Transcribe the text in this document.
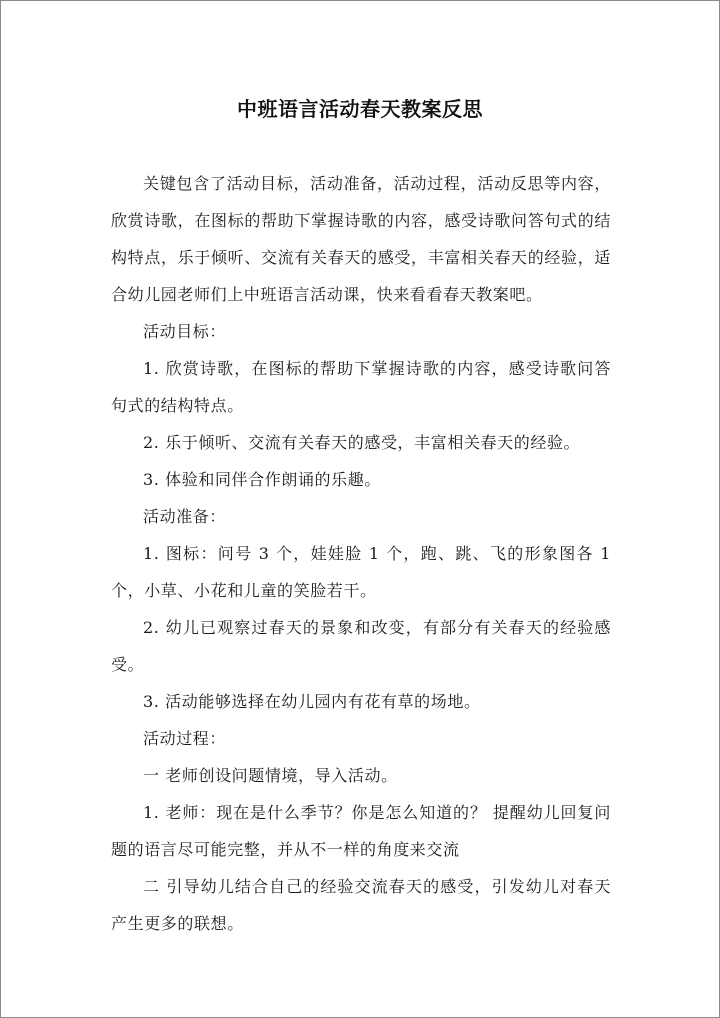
中班语言活动春天教案反思

关键包含了活动目标，活动准备，活动过程，活动反思等内容，欣赏诗歌，在图标的帮助下掌握诗歌的内容，感受诗歌问答句式的结构特点，乐于倾听、交流有关春天的感受，丰富相关春天的经验，适合幼儿园老师们上中班语言活动课，快来看看春天教案吧。

活动目标：

1. 欣赏诗歌，在图标的帮助下掌握诗歌的内容，感受诗歌问答句式的结构特点。

2. 乐于倾听、交流有关春天的感受，丰富相关春天的经验。

3. 体验和同伴合作朗诵的乐趣。

活动准备：

1. 图标：问号 3 个，娃娃脸 1 个，跑、跳、飞的形象图各 1 个，小草、小花和儿童的笑脸若干。

2. 幼儿已观察过春天的景象和改变，有部分有关春天的经验感受。

3. 活动能够选择在幼儿园内有花有草的场地。

活动过程：

一 老师创设问题情境，导入活动。

1. 老师：现在是什么季节？你是怎么知道的？ 提醒幼儿回复问题的语言尽可能完整，并从不一样的角度来交流

二 引导幼儿结合自己的经验交流春天的感受，引发幼儿对春天产生更多的联想。
